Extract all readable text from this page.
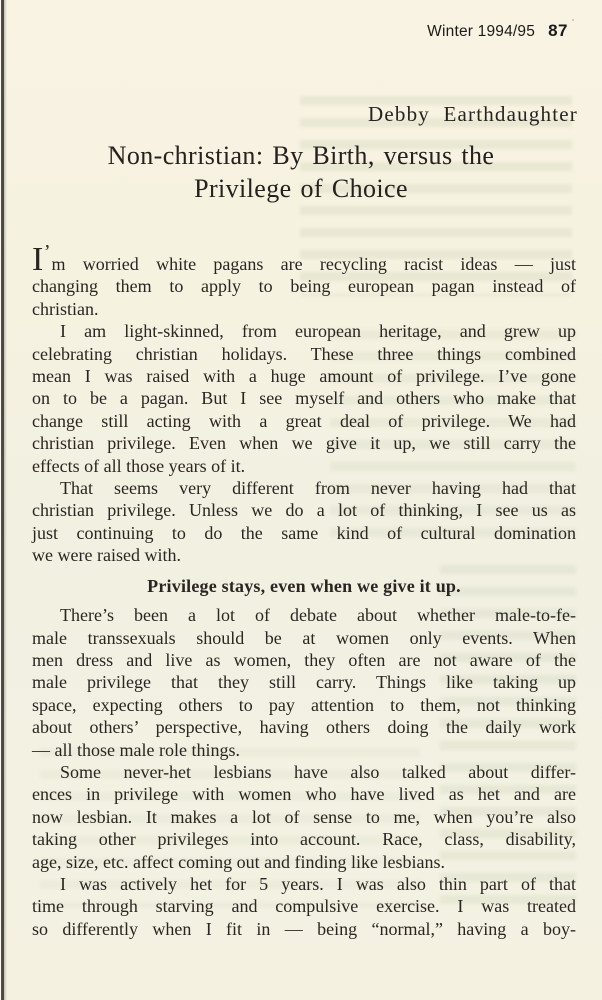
Winter 1994/95 87
Debby Earthdaughter
Non-christian: By Birth, versus the
Privilege of Choice
I’m worried white pagans are recycling racist ideas — just
changing them to apply to being european pagan instead of
christian.
I am light-skinned, from european heritage, and grew up
celebrating christian holidays. These three things combined
mean I was raised with a huge amount of privilege. I’ve gone
on to be a pagan. But I see myself and others who make that
change still acting with a great deal of privilege. We had
christian privilege. Even when we give it up, we still carry the
effects of all those years of it.
That seems very different from never having had that
christian privilege. Unless we do a lot of thinking, I see us as
just continuing to do the same kind of cultural domination
we were raised with.
Privilege stays, even when we give it up.
There’s been a lot of debate about whether male-to-fe-
male transsexuals should be at women only events. When
men dress and live as women, they often are not aware of the
male privilege that they still carry. Things like taking up
space, expecting others to pay attention to them, not thinking
about others’ perspective, having others doing the daily work
— all those male role things.
Some never-het lesbians have also talked about differ-
ences in privilege with women who have lived as het and are
now lesbian. It makes a lot of sense to me, when you’re also
taking other privileges into account. Race, class, disability,
age, size, etc. affect coming out and finding like lesbians.
I was actively het for 5 years. I was also thin part of that
time through starving and compulsive exercise. I was treated
so differently when I fit in — being “normal,” having a boy-
